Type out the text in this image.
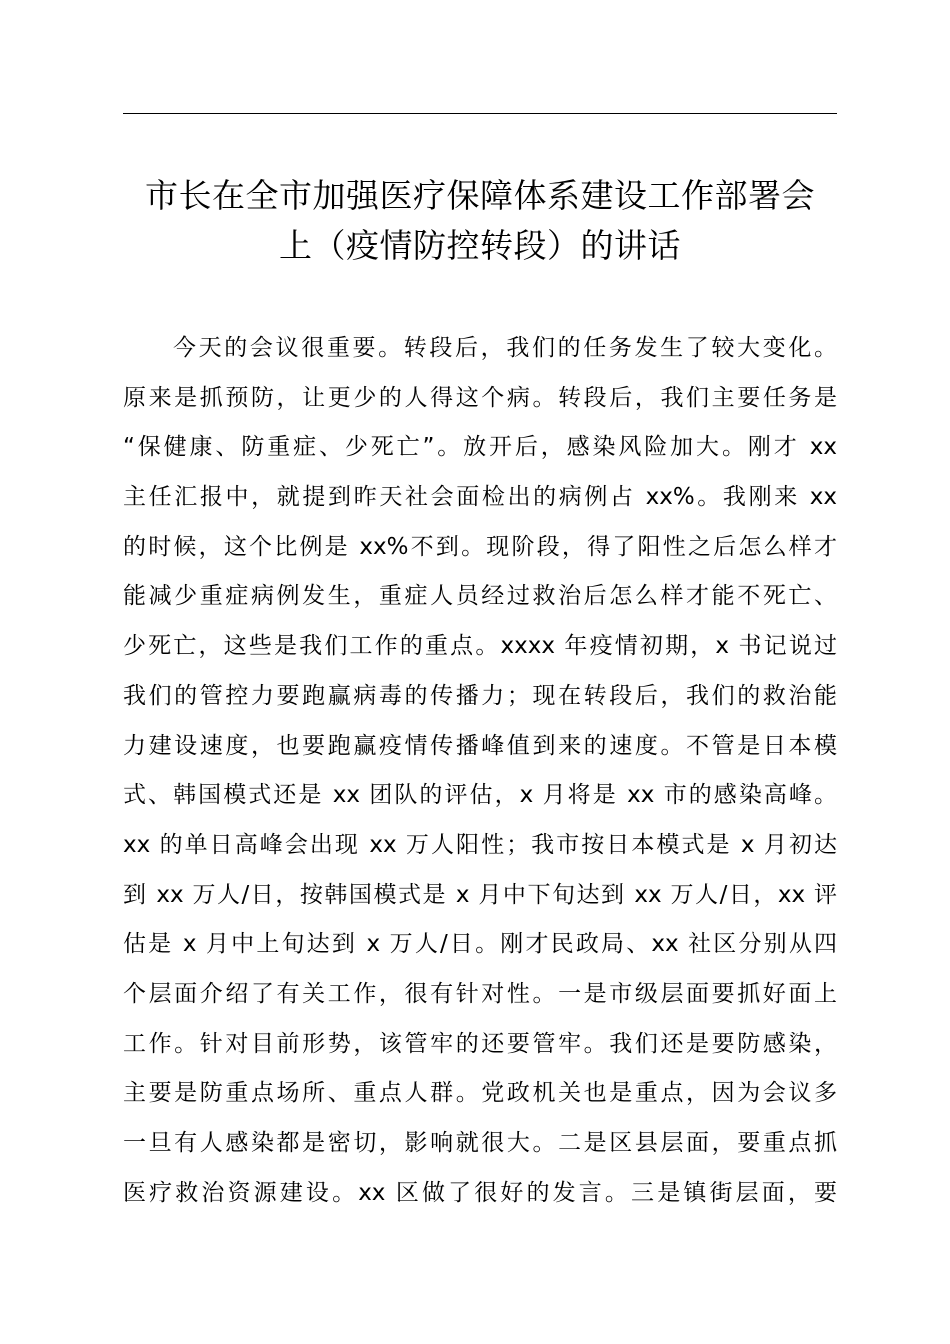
市长在全市加强医疗保障体系建设工作部署会
上（疫情防控转段）的讲话
今天的会议很重要。转段后，我们的任务发生了较大变化。
原来是抓预防，让更少的人得这个病。转段后，我们主要任务是
“保健康、防重症、少死亡”。放开后，感染风险加大。刚才 xx
主任汇报中，就提到昨天社会面检出的病例占 xx%。我刚来 xx
的时候，这个比例是 xx%不到。现阶段，得了阳性之后怎么样才
能减少重症病例发生，重症人员经过救治后怎么样才能不死亡、
少死亡，这些是我们工作的重点。xxxx 年疫情初期，x 书记说过
我们的管控力要跑赢病毒的传播力；现在转段后，我们的救治能
力建设速度，也要跑赢疫情传播峰值到来的速度。不管是日本模
式、韩国模式还是 xx 团队的评估，x 月将是 xx 市的感染高峰。
xx 的单日高峰会出现 xx 万人阳性；我市按日本模式是 x 月初达
到 xx 万人/日，按韩国模式是 x 月中下旬达到 xx 万人/日，xx 评
估是 x 月中上旬达到 x 万人/日。刚才民政局、xx 社区分别从四
个层面介绍了有关工作，很有针对性。一是市级层面要抓好面上
工作。针对目前形势，该管牢的还要管牢。我们还是要防感染，
主要是防重点场所、重点人群。党政机关也是重点，因为会议多
一旦有人感染都是密切，影响就很大。二是区县层面，要重点抓
医疗救治资源建设。xx 区做了很好的发言。三是镇街层面，要
